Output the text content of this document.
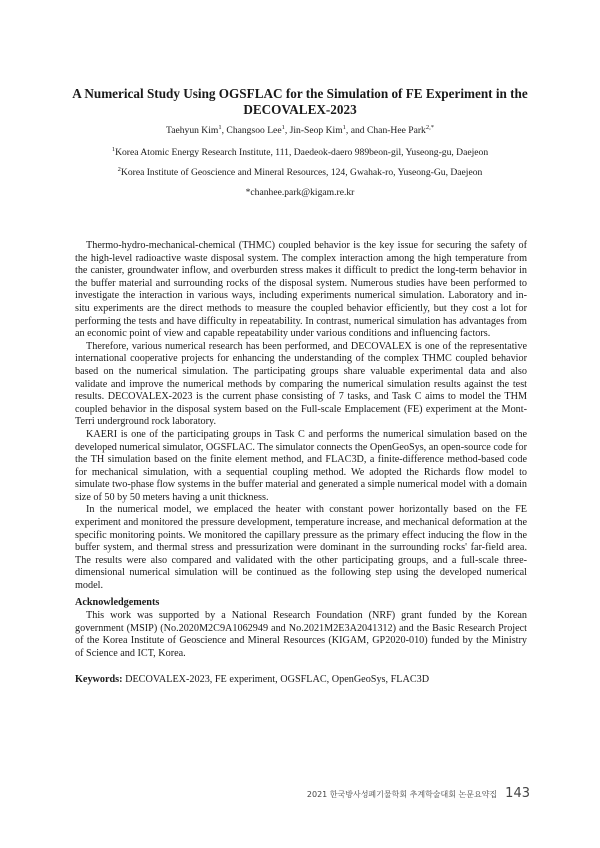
A Numerical Study Using OGSFLAC for the Simulation of FE Experiment in the DECOVALEX-2023
Taehyun Kim$^1$, Changsoo Lee$^1$, Jin-Seop Kim$^1$, and Chan-Hee Park$^{2,*}$
$^1$Korea Atomic Energy Research Institute, 111, Daedeok-daero 989beon-gil, Yuseong-gu, Daejeon
$^2$Korea Institute of Geoscience and Mineral Resources, 124, Gwahak-ro, Yuseong-Gu, Daejeon
*chanhee.park@kigam.re.kr

Thermo-hydro-mechanical-chemical (THMC) coupled behavior is the key issue for securing the safety of the high-level radioactive waste disposal system. The complex interaction among the high temperature from the canister, groundwater inflow, and overburden stress makes it difficult to predict the long-term behavior in the buffer material and surrounding rocks of the disposal system. Numerous studies have been performed to investigate the interaction in various ways, including experiments numerical simulation. Laboratory and in-situ experiments are the direct methods to measure the coupled behavior efficiently, but they cost a lot for performing the tests and have difficulty in repeatability. In contrast, numerical simulation has advantages from an economic point of view and capable repeatability under various conditions and influencing factors.

Therefore, various numerical research has been performed, and DECOVALEX is one of the representative international cooperative projects for enhancing the understanding of the complex THMC coupled behavior based on the numerical simulation. The participating groups share valuable experimental data and also validate and improve the numerical methods by comparing the numerical simulation results against the test results. DECOVALEX-2023 is the current phase consisting of 7 tasks, and Task C aims to model the THM coupled behavior in the disposal system based on the Full-scale Emplacement (FE) experiment at the Mont-Terri underground rock laboratory.

KAERI is one of the participating groups in Task C and performs the numerical simulation based on the developed numerical simulator, OGSFLAC. The simulator connects the OpenGeoSys, an open-source code for the TH simulation based on the finite element method, and FLAC3D, a finite-difference method-based code for mechanical simulation, with a sequential coupling method. We adopted the Richards flow model to simulate two-phase flow systems in the buffer material and generated a simple numerical model with a domain size of 50 by 50 meters having a unit thickness.

In the numerical model, we emplaced the heater with constant power horizontally based on the FE experiment and monitored the pressure development, temperature increase, and mechanical deformation at the specific monitoring points. We monitored the capillary pressure as the primary effect inducing the flow in the buffer system, and thermal stress and pressurization were dominant in the surrounding rocks' far-field area. The results were also compared and validated with the other participating groups, and a full-scale three-dimensional numerical simulation will be continued as the following step using the developed numerical model.

Acknowledgements

This work was supported by a National Research Foundation (NRF) grant funded by the Korean government (MSIP) (No.2020M2C9A1062949 and No.2021M2E3A2041312) and the Basic Research Project of the Korea Institute of Geoscience and Mineral Resources (KIGAM, GP2020-010) funded by the Ministry of Science and ICT, Korea.

Keywords: DECOVALEX-2023, FE experiment, OGSFLAC, OpenGeoSys, FLAC3D
2021 한국방사성폐기물학회 추계학술대회 논문요약집 143
